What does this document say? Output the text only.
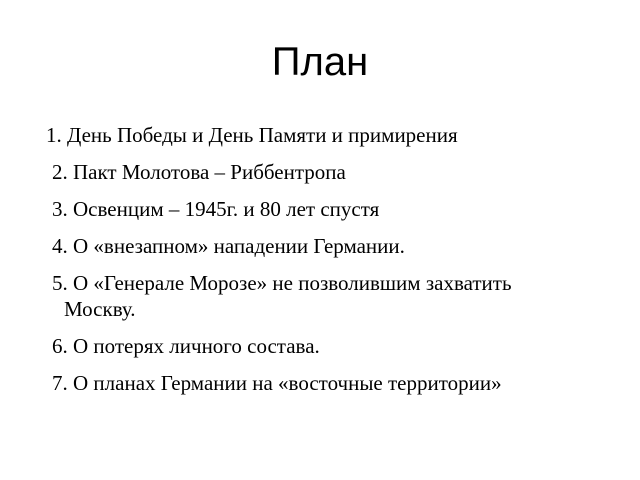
План
1. День Победы и День Памяти и примирения
2. Пакт Молотова – Риббентропа
3. Освенцим – 1945г. и 80 лет спустя
4. О «внезапном» нападении Германии.
5. О «Генерале Морозе» не позволившим захватить
Москву.
6. О потерях личного состава.
7. О планах Германии на «восточные территории»
